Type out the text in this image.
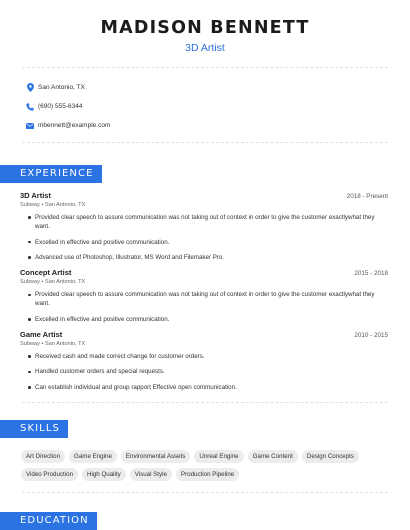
MADISON BENNETT
3D Artist
San Antonio, TX
(690) 555-6344
mbennett@example.com
EXPERIENCE
3D Artist	2018 - Present
Subway • San Antonio, TX
Provided clear speech to assure communication was not taking out of context in order to give the customer exactlywhat they want.
Excelled in effective and positive communication.
Advanced use of Photoshop, Illustrator, MS Word and Filemaker Pro.
Concept Artist	2015 - 2018
Subway • San Antonio, TX
Provided clear speech to assure communication was not taking out of context in order to give the customer exactlywhat they want.
Excelled in effective and positive communication.
Game Artist	2010 - 2015
Subway • San Antonio, TX
Received cash and made correct change for customer orders.
Handled customer orders and special requests.
Can establish individual and group rapport Effective open communication.
SKILLS
Art Direction	Game Engine	Environmental Assets	Unreal Engine	Game Content	Design Concepts
Video Production	High Quality	Visual Style	Production Pipeline
EDUCATION
